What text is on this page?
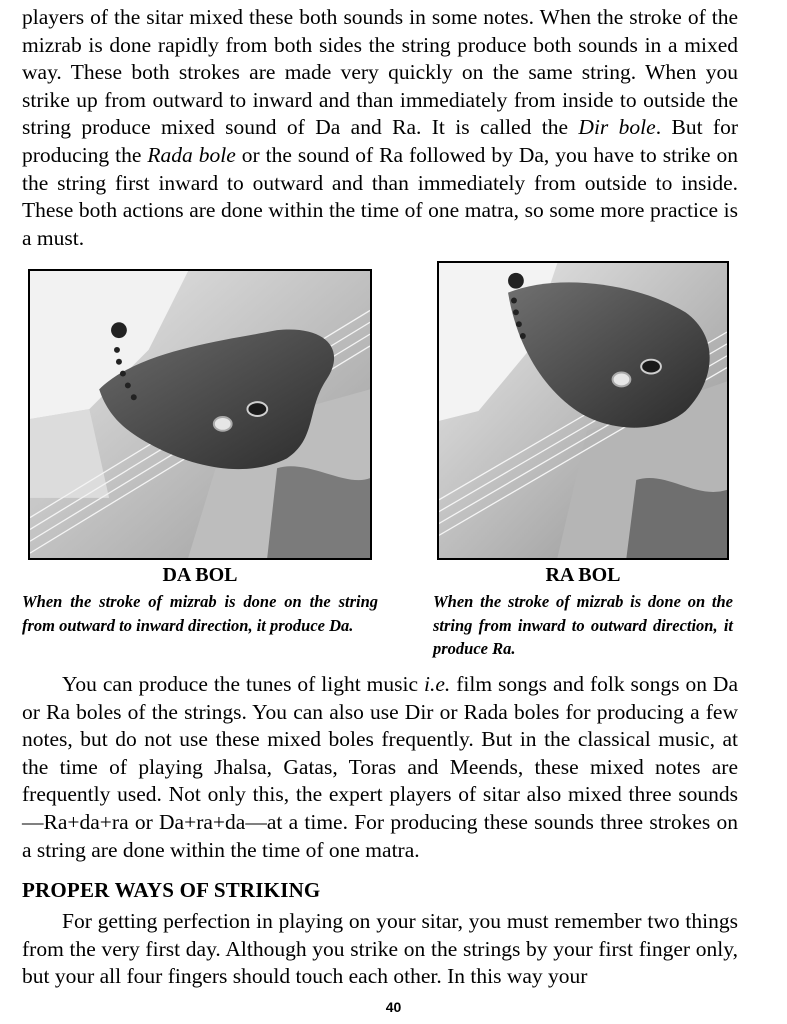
players of the sitar mixed these both sounds in some notes. When the stroke of the mizrab is done rapidly from both sides the string produce both sounds in a mixed way. These both strokes are made very quickly on the same string. When you strike up from outward to inward and than immediately from inside to outside the string produce mixed sound of Da and Ra. It is called the Dir bole. But for producing the Rada bole or the sound of Ra followed by Da, you have to strike on the string first inward to outward and than immediately from outside to inside. These both actions are done within the time of one matra, so some more practice is a must.

DA BOL	RA BOL

When the stroke of mizrab is done on the string from outward to inward direction, it produce Da.

When the stroke of mizrab is done on the string from inward to outward direction, it produce Ra.

You can produce the tunes of light music i.e. film songs and folk songs on Da or Ra boles of the strings. You can also use Dir or Rada boles for producing a few notes, but do not use these mixed boles frequently. But in the classical music, at the time of playing Jhalsa, Gatas, Toras and Meends, these mixed notes are frequently used. Not only this, the expert players of sitar also mixed three sounds—Ra+da+ra or Da+ra+da—at a time. For producing these sounds three strokes on a string are done within the time of one matra.

PROPER WAYS OF STRIKING

For getting perfection in playing on your sitar, you must remember two things from the very first day. Although you strike on the strings by your first finger only, but your all four fingers should touch each other. In this way your

40
